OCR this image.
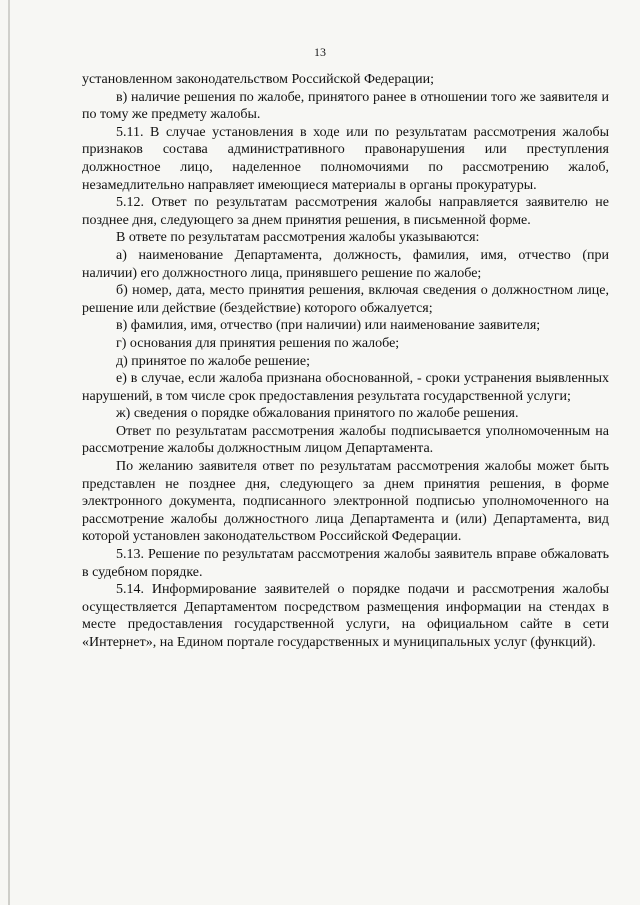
13

установленном законодательством Российской Федерации;

в) наличие решения по жалобе, принятого ранее в отношении того же заявителя и по тому же предмету жалобы.

5.11. В случае установления в ходе или по результатам рассмотрения жалобы признаков состава административного правонарушения или преступления должностное лицо, наделенное полномочиями по рассмотрению жалоб, незамедлительно направляет имеющиеся материалы в органы прокуратуры.

5.12. Ответ по результатам рассмотрения жалобы направляется заявителю не позднее дня, следующего за днем принятия решения, в письменной форме.

В ответе по результатам рассмотрения жалобы указываются:

а) наименование Департамента, должность, фамилия, имя, отчество (при наличии) его должностного лица, принявшего решение по жалобе;

б) номер, дата, место принятия решения, включая сведения о должностном лице, решение или действие (бездействие) которого обжалуется;

в) фамилия, имя, отчество (при наличии) или наименование заявителя;

г) основания для принятия решения по жалобе;

д) принятое по жалобе решение;

е) в случае, если жалоба признана обоснованной, - сроки устранения выявленных нарушений, в том числе срок предоставления результата государственной услуги;

ж) сведения о порядке обжалования принятого по жалобе решения.

Ответ по результатам рассмотрения жалобы подписывается уполномоченным на рассмотрение жалобы должностным лицом Департамента.

По желанию заявителя ответ по результатам рассмотрения жалобы может быть представлен не позднее дня, следующего за днем принятия решения, в форме электронного документа, подписанного электронной подписью уполномоченного на рассмотрение жалобы должностного лица Департамента и (или) Департамента, вид которой установлен законодательством Российской Федерации.

5.13. Решение по результатам рассмотрения жалобы заявитель вправе обжаловать в судебном порядке.

5.14. Информирование заявителей о порядке подачи и рассмотрения жалобы осуществляется Департаментом посредством размещения информации на стендах в месте предоставления государственной услуги, на официальном сайте в сети «Интернет», на Едином портале государственных и муниципальных услуг (функций).
